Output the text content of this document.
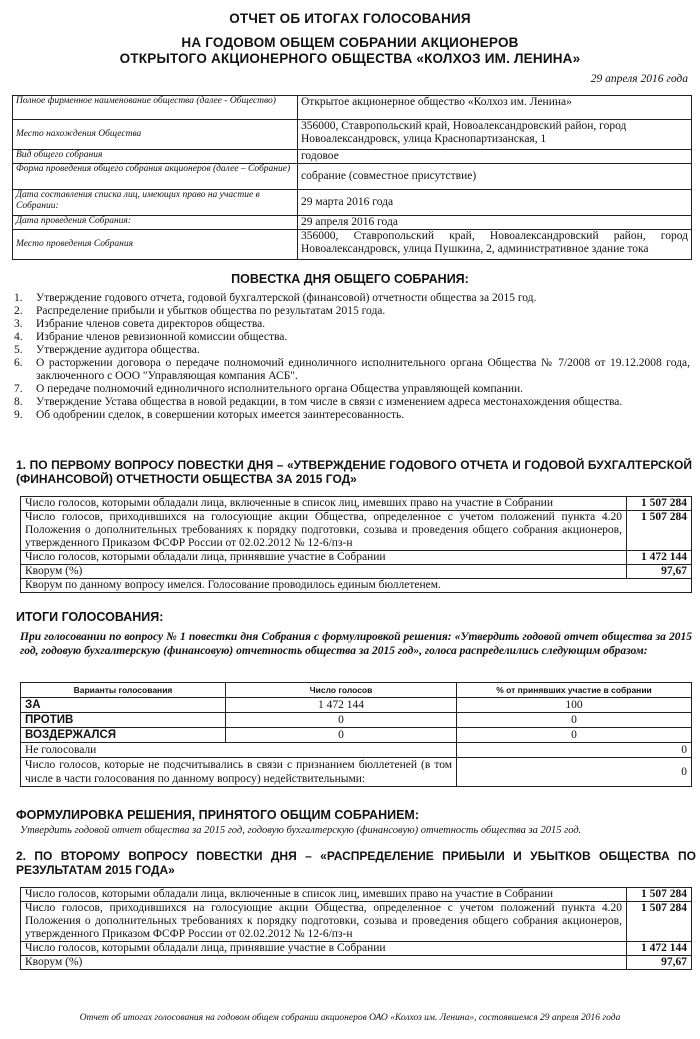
ОТЧЕТ ОБ ИТОГАХ ГОЛОСОВАНИЯ
НА ГОДОВОМ ОБЩЕМ СОБРАНИИ АКЦИОНЕРОВ
ОТКРЫТОГО АКЦИОНЕРНОГО ОБЩЕСТВА «КОЛХОЗ ИМ. ЛЕНИНА»
29 апреля 2016 года
Полное фирменное наименование общества (далее - Общество)	Открытое акционерное общество «Колхоз им. Ленина»
Место нахождения Общества	356000, Ставропольский край, Новоалександровский район, город Новоалександровск, улица Краснопартизанская, 1
Вид общего собрания	годовое
Форма проведения общего собрания акционеров (далее – Собрание)	собрание (совместное присутствие)
Дата составления списка лиц, имеющих право на участие в Собрании:	29 марта 2016 года
Дата проведения Собрания:	29 апреля 2016 года
Место проведения Собрания	356000, Ставропольский край, Новоалександровский район, город Новоалександровск, улица Пушкина, 2, административное здание тока
ПОВЕСТКА ДНЯ ОБЩЕГО СОБРАНИЯ:
1.	Утверждение годового отчета, годовой бухгалтерской (финансовой) отчетности общества за 2015 год.
2.	Распределение прибыли и убытков общества по результатам 2015 года.
3.	Избрание членов совета директоров общества.
4.	Избрание членов ревизионной комиссии общества.
5.	Утверждение аудитора общества.
6.	О расторжении договора о передаче полномочий единоличного исполнительного органа Общества № 7/2008 от 19.12.2008 года, заключенного с ООО "Управляющая компания АСБ".
7.	О передаче полномочий единоличного исполнительного органа Общества управляющей компании.
8.	Утверждение Устава общества в новой редакции, в том числе в связи с изменением адреса местонахождения общества.
9.	Об одобрении сделок, в совершении которых имеется заинтересованность.
1. ПО ПЕРВОМУ ВОПРОСУ ПОВЕСТКИ ДНЯ – «УТВЕРЖДЕНИЕ ГОДОВОГО ОТЧЕТА И ГОДОВОЙ БУХГАЛТЕРСКОЙ (ФИНАНСОВОЙ) ОТЧЕТНОСТИ ОБЩЕСТВА ЗА 2015 ГОД»
Число голосов, которыми обладали лица, включенные в список лиц, имевших право на участие в Собрании	1 507 284
Число голосов, приходившихся на голосующие акции Общества, определенное с учетом положений пункта 4.20 Положения о дополнительных требованиях к порядку подготовки, созыва и проведения общего собрания акционеров, утвержденного Приказом ФСФР России от 02.02.2012 № 12-6/пз-н	1 507 284
Число голосов, которыми обладали лица, принявшие участие в Собрании	1 472 144
Кворум (%)	97,67
Кворум по данному вопросу имелся. Голосование проводилось единым бюллетенем.	
ИТОГИ ГОЛОСОВАНИЯ:
При голосовании по вопросу № 1 повестки дня Собрания с формулировкой решения: «Утвердить годовой отчет общества за 2015 год, годовую бухгалтерскую (финансовую) отчетность общества за 2015 год», голоса распределились следующим образом:
Варианты голосования	Число голосов	% от принявших участие в собрании
ЗА	1 472 144	100
ПРОТИВ	0	0
ВОЗДЕРЖАЛСЯ	0	0
Не голосовали		0
Число голосов, которые не подсчитывались в связи с признанием бюллетеней (в том числе в части голосования по данному вопросу) недействительными:		0
ФОРМУЛИРОВКА РЕШЕНИЯ, ПРИНЯТОГО ОБЩИМ СОБРАНИЕМ:
Утвердить годовой отчет общества за 2015 год, годовую бухгалтерскую (финансовую) отчетность общества за 2015 год.
2. ПО ВТОРОМУ ВОПРОСУ ПОВЕСТКИ ДНЯ – «РАСПРЕДЕЛЕНИЕ ПРИБЫЛИ И УБЫТКОВ ОБЩЕСТВА ПО РЕЗУЛЬТАТАМ 2015 ГОДА»
Число голосов, которыми обладали лица, включенные в список лиц, имевших право на участие в Собрании	1 507 284
Число голосов, приходившихся на голосующие акции Общества, определенное с учетом положений пункта 4.20 Положения о дополнительных требованиях к порядку подготовки, созыва и проведения общего собрания акционеров, утвержденного Приказом ФСФР России от 02.02.2012 № 12-6/пз-н	1 507 284
Число голосов, которыми обладали лица, принявшие участие в Собрании	1 472 144
Кворум (%)	97,67
Отчет об итогах голосования на годовом общем собрании акционеров ОАО «Колхоз им. Ленина», состоявшемся 29 апреля 2016 года
